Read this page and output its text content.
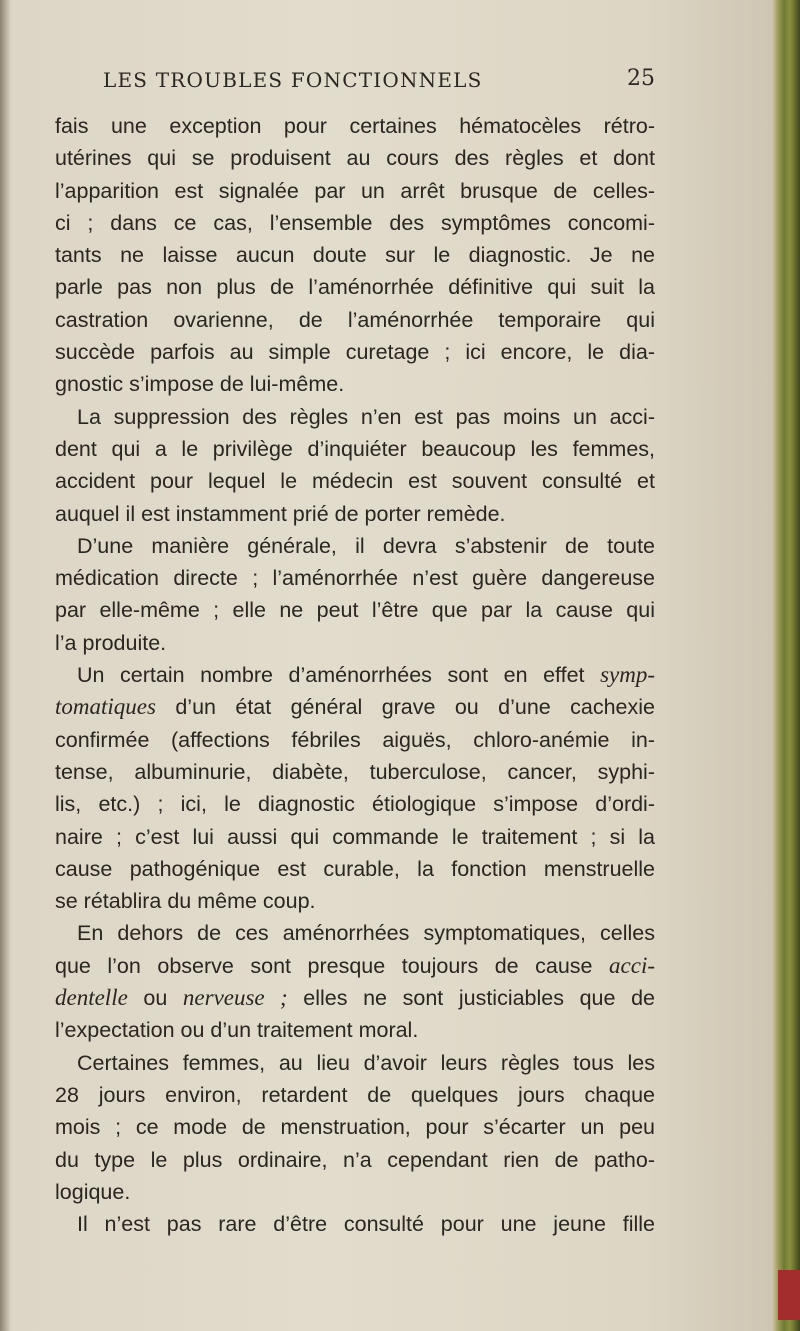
LES TROUBLES FONCTIONNELS	25
fais une exception pour certaines hématocèles rétro-
utérines qui se produisent au cours des règles et dont
l’apparition est signalée par un arrêt brusque de celles-
ci ; dans ce cas, l’ensemble des symptômes concomi-
tants ne laisse aucun doute sur le diagnostic. Je ne
parle pas non plus de l’aménorrhée définitive qui suit la
castration ovarienne, de l’aménorrhée temporaire qui
succède parfois au simple curetage ; ici encore, le dia-
gnostic s’impose de lui-même.
La suppression des règles n’en est pas moins un acci-
dent qui a le privilège d’inquiéter beaucoup les femmes,
accident pour lequel le médecin est souvent consulté et
auquel il est instamment prié de porter remède.
D’une manière générale, il devra s’abstenir de toute
médication directe ; l’aménorrhée n’est guère dangereuse
par elle-même ; elle ne peut l’être que par la cause qui
l’a produite.
Un certain nombre d’aménorrhées sont en effet symp-
tomatiques d’un état général grave ou d’une cachexie
confirmée (affections fébriles aiguës, chloro-anémie in-
tense, albuminurie, diabète, tuberculose, cancer, syphi-
lis, etc.) ; ici, le diagnostic étiologique s’impose d’ordi-
naire ; c’est lui aussi qui commande le traitement ; si la
cause pathogénique est curable, la fonction menstruelle
se rétablira du même coup.
En dehors de ces aménorrhées symptomatiques, celles
que l’on observe sont presque toujours de cause acci-
dentelle ou nerveuse ; elles ne sont justiciables que de
l’expectation ou d’un traitement moral.
Certaines femmes, au lieu d’avoir leurs règles tous les
28 jours environ, retardent de quelques jours chaque
mois ; ce mode de menstruation, pour s’écarter un peu
du type le plus ordinaire, n’a cependant rien de patho-
logique.
Il n’est pas rare d’être consulté pour une jeune fille
